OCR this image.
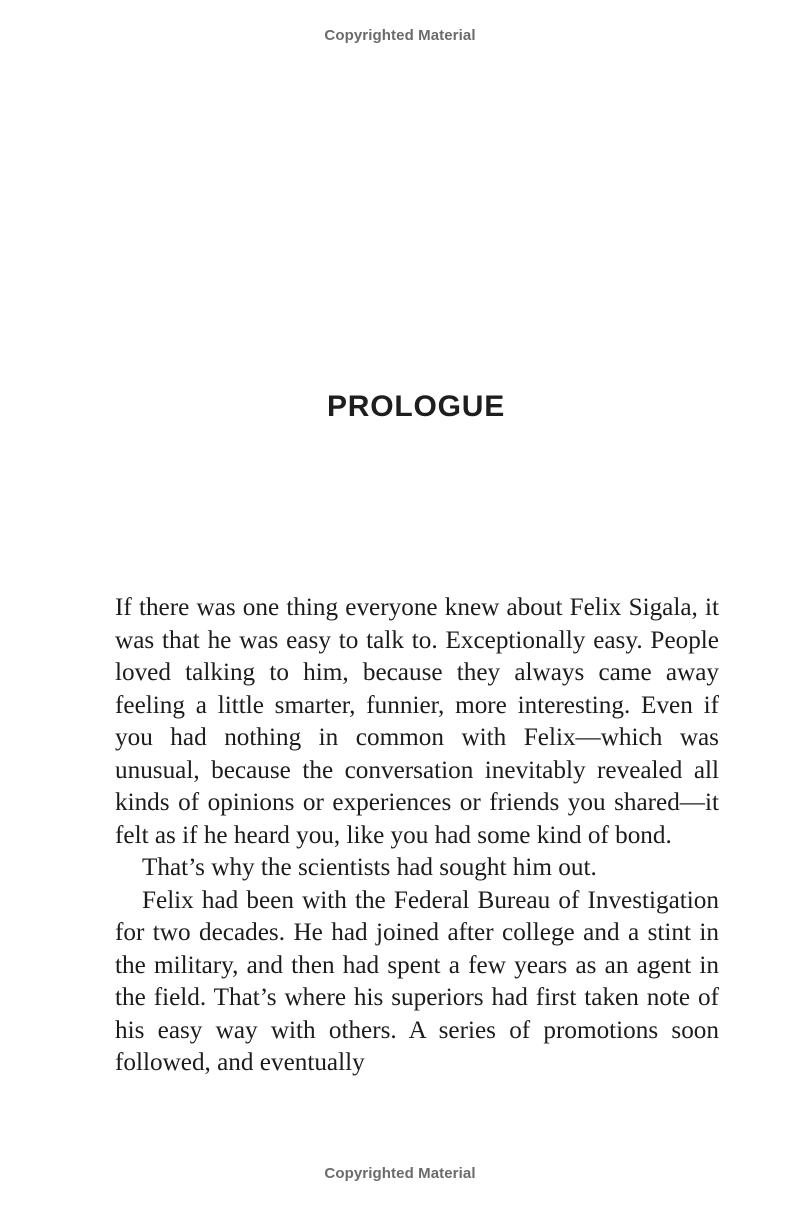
Copyrighted Material
PROLOGUE

If there was one thing everyone knew about Felix Sigala, it was that he was easy to talk to. Exceptionally easy. People loved talking to him, because they always came away feeling a little smarter, funnier, more interesting. Even if you had nothing in common with Felix—which was unusual, because the conversation inevitably revealed all kinds of opinions or experiences or friends you shared—it felt as if he heard you, like you had some kind of bond.

That’s why the scientists had sought him out.

Felix had been with the Federal Bureau of Investigation for two decades. He had joined after college and a stint in the military, and then had spent a few years as an agent in the field. That’s where his superiors had first taken note of his easy way with others. A series of promotions soon followed, and eventually

Copyrighted Material
